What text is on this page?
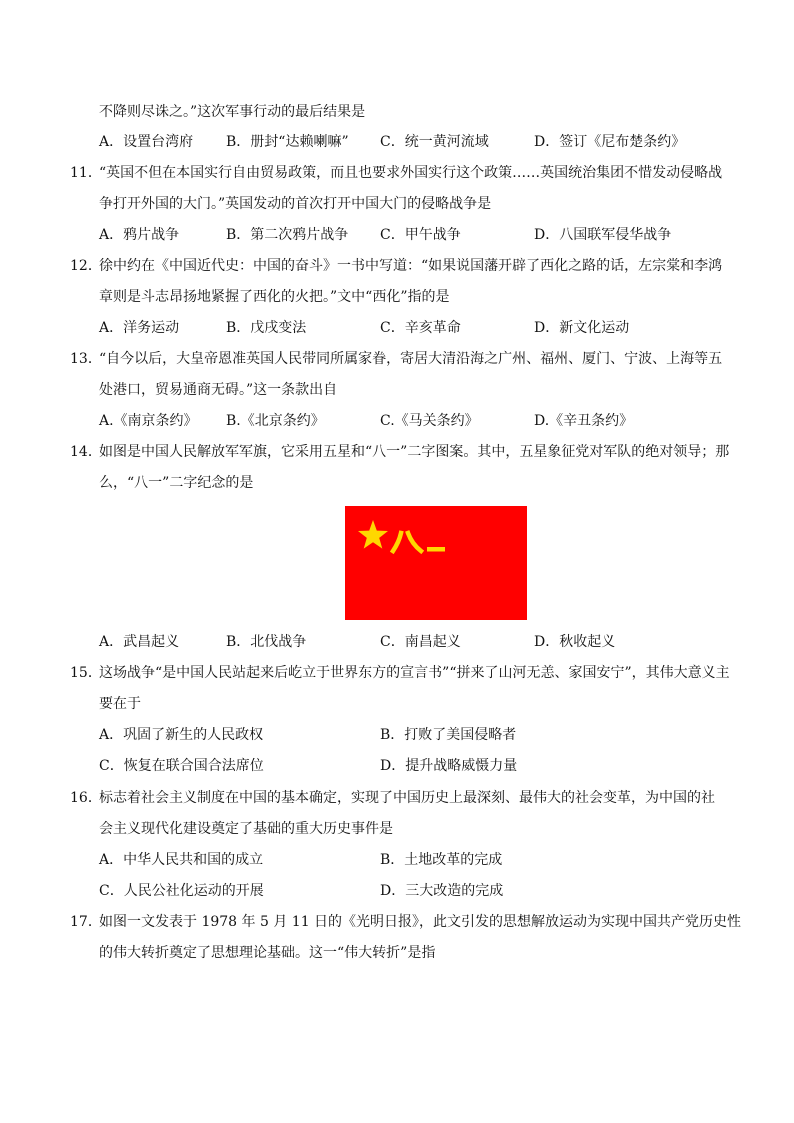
不降则尽诛之。”这次军事行动的最后结果是
A．设置台湾府 B．册封“达赖喇嘛” C．统一黄河流域	D．签订《尼布楚条约》
11．
“英国不但在本国实行自由贸易政策，而且也要求外国实行这个政策……英国统治集团不惜发动侵略战
争打开外国的大门。”英国发动的首次打开中国大门的侵略战争是
A．鸦片战争	B．第二次鸦片战争 C．甲午战争	D．八国联军侵华战争
12．
徐中约在《中国近代史：中国的奋斗》一书中写道：“如果说国藩开辟了西化之路的话，左宗棠和李鸿
章则是斗志昂扬地紧握了西化的火把。”文中“西化”指的是
A．洋务运动	B．戊戌变法	C．辛亥革命	D．新文化运动
13．
“自今以后，大皇帝恩准英国人民带同所属家眷，寄居大清沿海之广州、福州、厦门、宁波、上海等五
处港口，贸易通商无碍。”这一条款出自
A.《南京条约》 B.《北京条约》	C.《马关条约》	D.《辛丑条约》
14．
如图是中国人民解放军军旗，它采用五星和“八一”二字图案。其中，五星象征党对军队的绝对领导；那
么，“八一”二字纪念的是
A．武昌起义	B．北伐战争	C．南昌起义	D．秋收起义
15．
这场战争“是中国人民站起来后屹立于世界东方的宣言书”“拼来了山河无恙、家国安宁”，其伟大意义主
要在于
A．巩固了新生的人民政权	B．打败了美国侵略者
C．恢复在联合国合法席位	D．提升战略威慑力量
16．
标志着社会主义制度在中国的基本确定，实现了中国历史上最深刻、最伟大的社会变革，为中国的社
会主义现代化建设奠定了基础的重大历史事件是
A．中华人民共和国的成立	B．土地改革的完成
C．人民公社化运动的开展	D．三大改造的完成
17．
如图一文发表于 1978 年 5 月 11 日的《光明日报》，此文引发的思想解放运动为实现中国共产党历史性
的伟大转折奠定了思想理论基础。这一“伟大转折”是指
